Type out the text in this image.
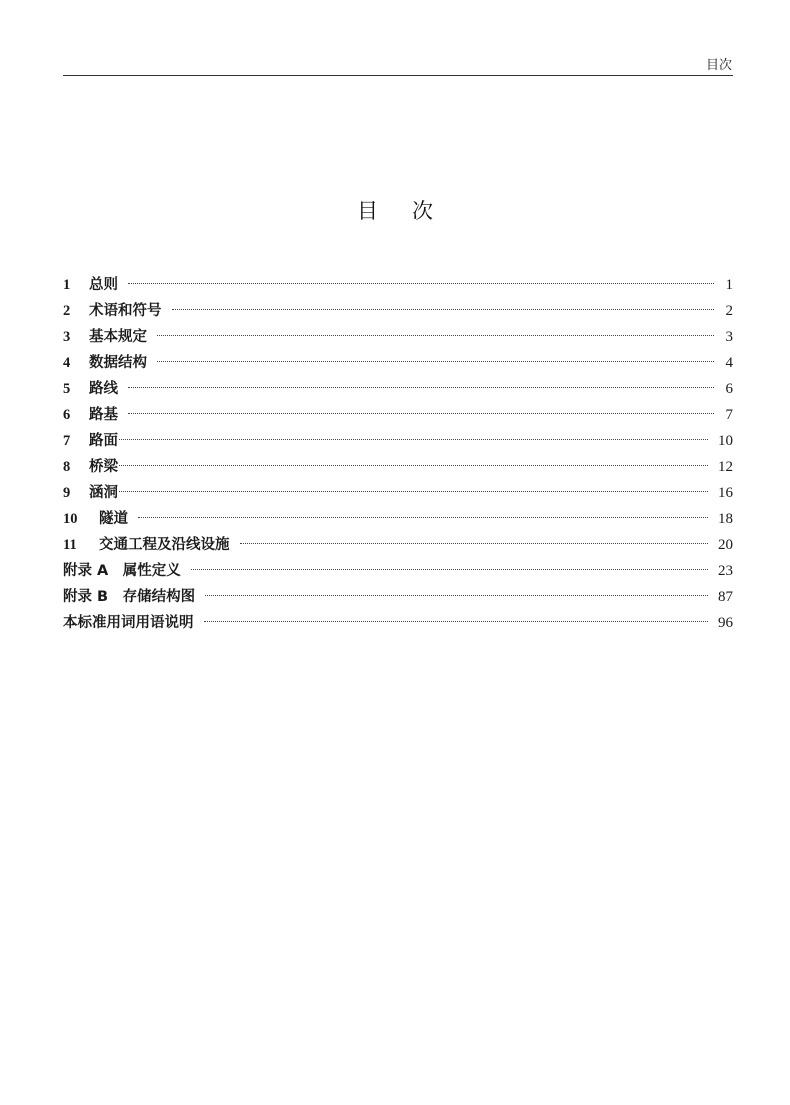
目次
目次
1	总则	1
2	术语和符号	2
3	基本规定	3
4	数据结构	4
5	路线	6
6	路基	7
7	路面	10
8	桥梁	12
9	涵洞	16
10	隧道	18
11	交通工程及沿线设施	20
附录 A　属性定义	23
附录 B　存储结构图	87
本标准用词用语说明	96
